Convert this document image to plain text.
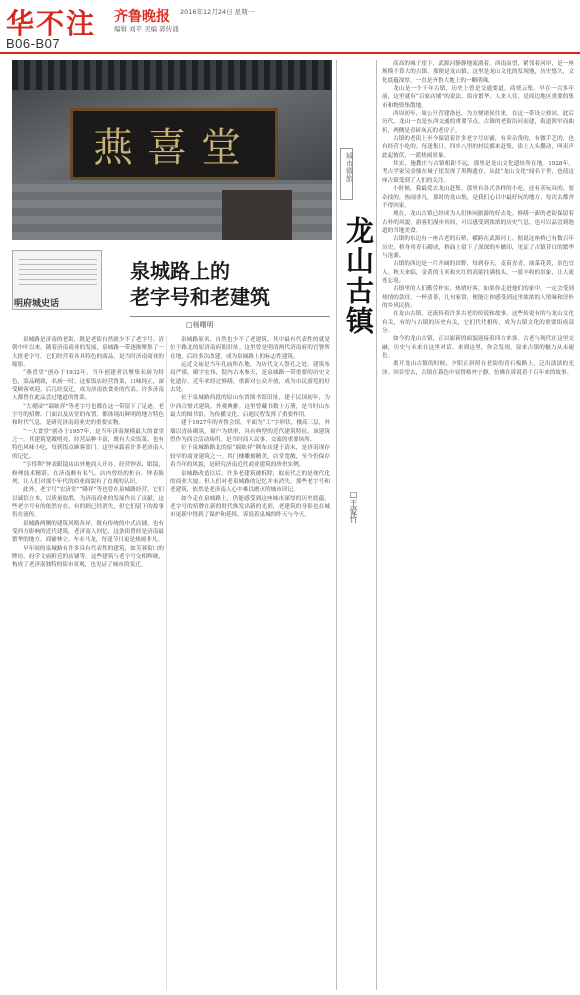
华不注
B06-B07
齐鲁晚报 2016年12月24日 星期一
编辑 刘平 美编 郭传涌
燕喜堂
明府城史话
泉城路上的
老字号和老建筑
□杨曙明

泉城路是济南的老街，既是老街自然就少不了老字号。清朝中叶以来，随着济南商业的发展，泉城路一带逐渐聚集了一大批老字号，它们经营着各具特色的商品，是当时济南商业的缩影。

“燕喜堂”创办于1932年，当年创建者以聚集名厨为特色，菜品精致，名扬一时。这家饭店经营鲁菜，口味纯正，深受顾客欢迎，后几经变迁，成为济南饮食业的代表。许多济南人都曾在此品尝过地道的鲁菜。

“大观园”“瑞蚨祥”等老字号也都在这一带留下了足迹。老字号的招牌、门面以及店堂的布置，都体现出鲜明的地方特色和时代气息，是研究济南商业史的重要实物。

“一大食堂”创办于1957年，是当年济南规模最大的食堂之一。其建筑宽敞明亮，经营品种丰富，既有大众饭菜，也有特色风味小吃，每到饭点顾客盈门。这里承载着许多老济南人的记忆。

“亨得利”钟表眼镜店由外地商人开办，经营钟表、眼镜，修理技术精湛，在济南颇有名气。店内曾经的柜台、钟表陈列，让人们对那个年代的商业面貌有了直观的认识。

此外，老字号“宏济堂”“隆祥”等也曾在泉城路经营，它们以诚信立本，以质量取胜，为济南商业的发展作出了贡献。这些老字号有的依然存在，有的则已经消失，但它们留下的故事仍在流传。

泉城路两侧的建筑风格各异，既有传统的中式店铺，也有受西方影响的近代建筑。老济南人回忆，这条街曾经是济南最繁华的地方，商铺林立，车水马龙，每逢节日更是热闹非凡。

早年间的泉城路有许多具有代表性的建筑，如芙蓉街口的牌坊、府学文庙附近的店铺等。这些建筑与老字号交相辉映，构成了老济南独特的街市景观，也见证了城市的变迁。

泉城路原名，自然也少不了老建筑，其中最有代表性的就是位于路北的原济南府衙旧址。这里曾是明清两代济南府的官署所在地，后经多次改建，成为泉城路上的标志性建筑。

远近文庙是当年孔庙所在地，为历代文人祭孔之处。建筑布局严谨，殿宇宏伟，院内古木参天，是泉城路一带重要的历史文化遗存。近年来经过修缮，重新对公众开放，成为市民游览的好去处。

位于泉城路西段的原山东省图书馆旧址，建于民国初年，为中西合璧式建筑，外观典雅。这里曾藏书数十万册，是当时山东最大的图书馆，为传播文化、启迪民智发挥了重要作用。

建于1927年的齐鲁会馆，平面为“工”字形状，楼高三层，外墙以青砖砌筑，窗户为拱形，具有典型的近代建筑特征。该建筑曾作为商会活动场所，是当时商人议事、交流的重要场所。

位于泉城路路北的原“瑞蚨祥”绸布店建于清末，是济南现存较早的商业建筑之一。其门楼雕刻精美，店堂宽敞，至今仍保存着当年的风貌，是研究济南近代商业建筑的珍贵实例。

泉城路改造以后，许多老建筑被拆除，取而代之的是现代化的商业大厦。但人们对老泉城路的记忆并未消失，那些老字号和老建筑，依然是老济南人心中难以磨灭的城市印记。

如今走在泉城路上，仍能感受到这座城市深厚的历史底蕴。老字号的招牌在新的时代焕发出新的光彩，老建筑的身影也在城市更新中得到了保护和延续，诉说着泉城的昨天与今天。

城市微旅
龙山古镇
□王爱竹

高高的城子崖下，武源河静静地流淌着。西南而望，紧邻着河岸，是一座规模不算大的古镇，那便是龙山镇。这里是龙山文化的发现地，历史悠久，文化底蕴深厚，一直是齐鲁大地上的一颗明珠。

龙山是一个千年古镇，历史上曾是交通要道，商贾云集。早在一百多年前，这里就有“百家店铺”的说法，街市繁华，人来人往，是周边地区重要的集市和物资集散地。

西周初年，周公旦营建洛邑，为方便诸侯往来，在这一带设立驿站。此后历代，龙山一直是东西交通的重要节点。古镇的老街沿河而建，街道狭窄而曲折，两侧是青砖灰瓦的老房子。

古镇的老街上至今保留着许多老字号店铺，有卖杂货的，有做手艺的，也有经营小吃的。每逢集日，四乡八里的村民都来赶集，街上人头攒动，叫卖声此起彼伏，一派热闹景象。

其实，施教庄与古镇相距不远，那里是龙山文化遗址所在地。1928年，考古学家吴金鼎在城子崖发现了黑陶遗存，从此“龙山文化”闻名于世，也使这座古镇受到了人们的关注。

小时候，我最爱去龙山赶集。那里有各式各样的小吃，还有卖玩具的、耍杂技的，热闹非凡。那时的龙山集，是我们心目中最好玩的地方，每次去都舍不得回家。

现在，龙山古镇已经成为人们休闲旅游的好去处。修缮一新的老街保留着古朴的风貌，游客们漫步其间，可以感受到浓浓的历史气息，也可以品尝到地道的当地美食。

古镇的东边有一座古老的石桥，横跨在武源河上。据说这座桥已有数百年历史，桥身用青石砌成，桥面上留下了深深的车辙印，见证了古镇昔日的繁华与沧桑。

古镇的西边是一片开阔的田野，每到春天，麦苗青青，油菜花黄，景色宜人。秋天来临，金黄的玉米和火红的高粱挂满枝头，一派丰收的景象，让人流连忘返。

古镇里的人们勤劳朴实，热情好客。如果你走进他们的家中，一定会受到热情的款待。一杯清茶，几句家常，便能让你感受到这里浓浓的人情味和淳朴的乡风民俗。

在龙山古镇，还流传着许多古老的传说和故事。这些传说有的与龙山文化有关，有的与古镇的历史有关，它们代代相传，成为古镇文化的重要组成部分。

如今的龙山古镇，正以崭新的面貌迎接着四方来客。古老与现代在这里交融，历史与未来在这里对话。来到这里，你会发现，原来古镇的魅力从未褪色。

离开龙山古镇的时候，夕阳正斜照在老街的青石板路上，泛出淡淡的光泽。回首望去，古镇在暮色中显得格外宁静，仿佛在诉说着千百年来的故事。
